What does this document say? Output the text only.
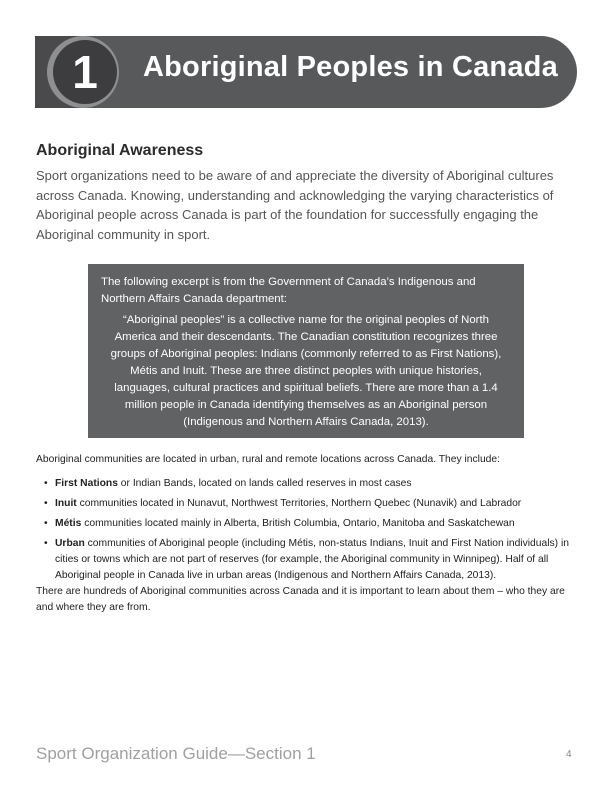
1	Aboriginal Peoples in Canada
Aboriginal Awareness

Sport organizations need to be aware of and appreciate the diversity of Aboriginal cultures across Canada. Knowing, understanding and acknowledging the varying characteristics of Aboriginal people across Canada is part of the foundation for successfully engaging the Aboriginal community in sport.

The following excerpt is from the Government of Canada’s Indigenous and Northern Affairs Canada department:

“Aboriginal peoples” is a collective name for the original peoples of North America and their descendants. The Canadian constitution recognizes three groups of Aboriginal peoples: Indians (commonly referred to as First Nations), Métis and Inuit. These are three distinct peoples with unique histories, languages, cultural practices and spiritual beliefs. There are more than a 1.4 million people in Canada identifying themselves as an Aboriginal person (Indigenous and Northern Affairs Canada, 2013).

Aboriginal communities are located in urban, rural and remote locations across Canada. They include:

• First Nations or Indian Bands, located on lands called reserves in most cases
• Inuit communities located in Nunavut, Northwest Territories, Northern Quebec (Nunavik) and Labrador
• Métis communities located mainly in Alberta, British Columbia, Ontario, Manitoba and Saskatchewan
• Urban communities of Aboriginal people (including Métis, non-status Indians, Inuit and First Nation individuals) in cities or towns which are not part of reserves (for example, the Aboriginal community in Winnipeg). Half of all Aboriginal people in Canada live in urban areas (Indigenous and Northern Affairs Canada, 2013).

There are hundreds of Aboriginal communities across Canada and it is important to learn about them – who they are and where they are from.

Sport Organization Guide—Section 1	4
